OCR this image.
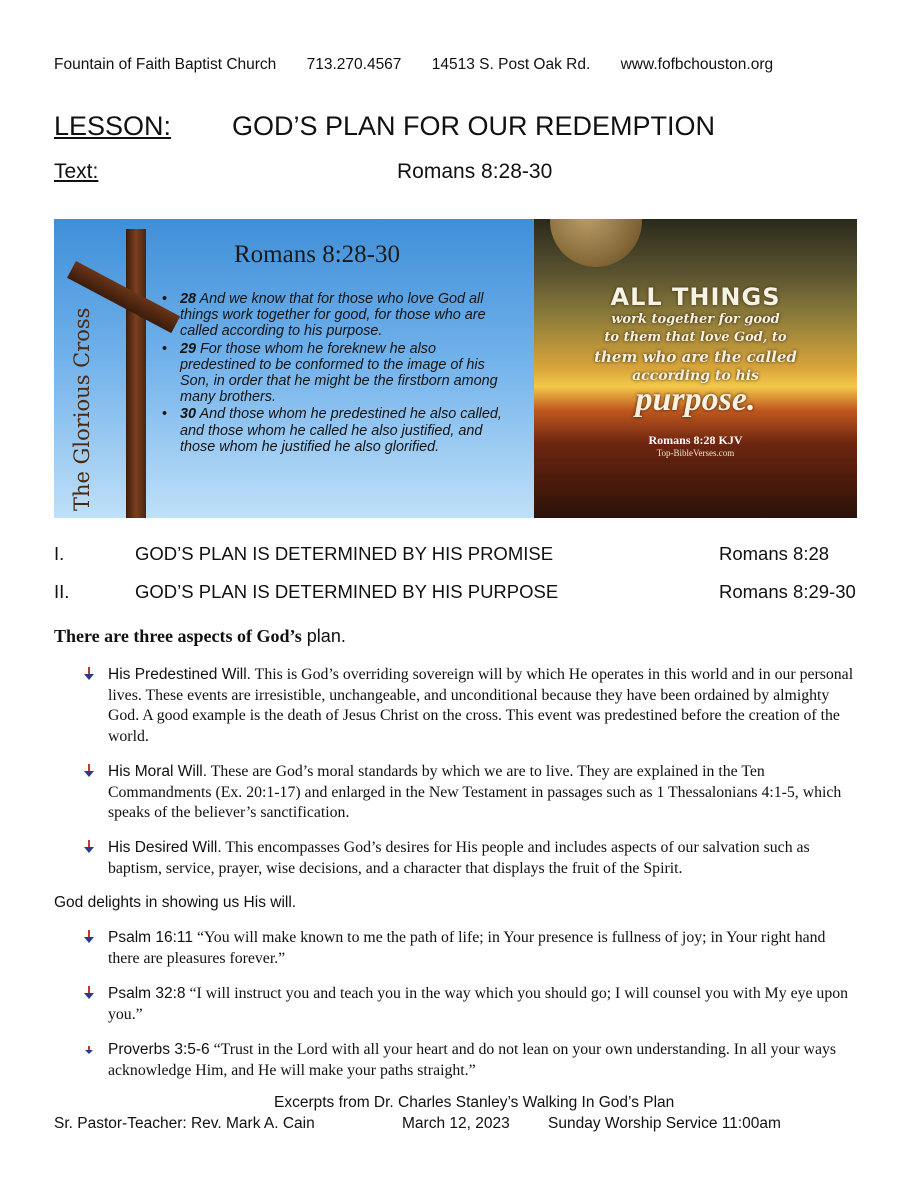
Fountain of Faith Baptist Church 713.270.4567 14513 S. Post Oak Rd. www.fofbchouston.org
LESSON: GOD’S PLAN FOR OUR REDEMPTION
Text:	Romans 8:28-30
The Glorious Cross
Romans 8:28-30
• 28 And we know that for those who love God all things work together for good, for those who are called according to his purpose.
• 29 For those whom he foreknew he also predestined to be conformed to the image of his Son, in order that he might be the firstborn among many brothers.
• 30 And those whom he predestined he also called, and those whom he called he also justified, and those whom he justified he also glorified.
ALL THINGS
work together for good
to them that love God, to
them who are the called
according to his
purpose.
Romans 8:28 KJV
Top-BibleVerses.com
I.	GOD’S PLAN IS DETERMINED BY HIS PROMISE	Romans 8:28
II.	GOD’S PLAN IS DETERMINED BY HIS PURPOSE	Romans 8:29-30
There are three aspects of God’s plan.
His Predestined Will. This is God’s overriding sovereign will by which He operates in this world and in our personal lives. These events are irresistible, unchangeable, and unconditional because they have been ordained by almighty God. A good example is the death of Jesus Christ on the cross. This event was predestined before the creation of the world.
His Moral Will. These are God’s moral standards by which we are to live. They are explained in the Ten Commandments (Ex. 20:1-17) and enlarged in the New Testament in passages such as 1 Thessalonians 4:1-5, which speaks of the believer’s sanctification.
His Desired Will. This encompasses God’s desires for His people and includes aspects of our salvation such as baptism, service, prayer, wise decisions, and a character that displays the fruit of the Spirit.
God delights in showing us His will.
Psalm 16:11 “You will make known to me the path of life; in Your presence is fullness of joy; in Your right hand there are pleasures forever.”
Psalm 32:8 “I will instruct you and teach you in the way which you should go; I will counsel you with My eye upon you.”
Proverbs 3:5-6 “Trust in the Lord with all your heart and do not lean on your own understanding. In all your ways acknowledge Him, and He will make your paths straight.”
Excerpts from Dr. Charles Stanley’s Walking In God’s Plan
Sr. Pastor-Teacher: Rev. Mark A. Cain	March 12, 2023 Sunday Worship Service 11:00am
